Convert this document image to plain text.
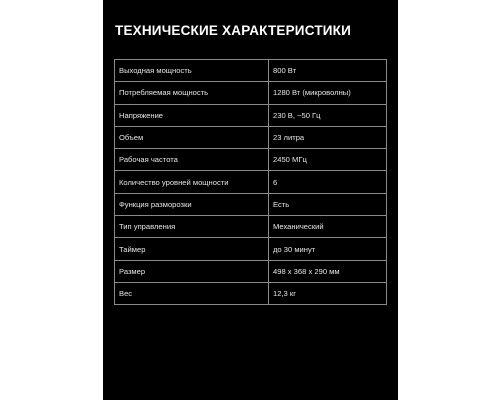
ТЕХНИЧЕСКИЕ ХАРАКТЕРИСТИКИ
Выходная мощность	800 Вт
Потребляемая мощность	1280 Вт (микроволны)
Напряжение	230 В, ~50 Гц
Объем	23 литра
Рабочая частота	2450 МГц
Количество уровней мощности	6
Функция разморозки	Есть
Тип управления	Механический
Таймер	до 30 минут
Размер	498 x 368 x 290 мм
Вес	12,3 кг
